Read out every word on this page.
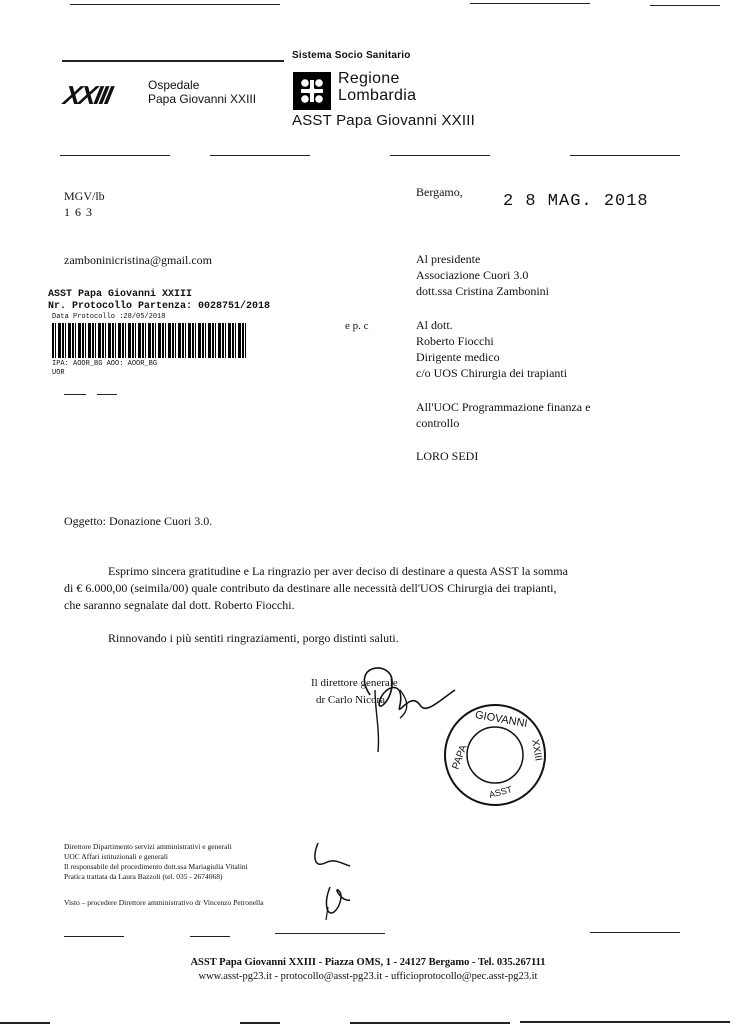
Sistema Socio Sanitario
XXIII	Ospedale
Papa Giovanni XXIII
Regione
Lombardia
ASST Papa Giovanni XXIII
MGV/lb
1 6 3
Bergamo, 2 8 MAG. 2018
zamboninicristina@gmail.com
ASST Papa Giovanni XXIII
Nr. Protocollo Partenza: 0028751/2018
Data Protocollo :28/05/2018
IPA: AOOR_BG AOO: AOOR_BG
UOR
Al presidente
Associazione Cuori 3.0
dott.ssa Cristina Zambonini
e p. c	Al dott.
Roberto Fiocchi
Dirigente medico
c/o UOS Chirurgia dei trapianti
All'UOC Programmazione finanza e
controllo
LORO SEDI
Oggetto: Donazione Cuori 3.0.
Esprimo sincera gratitudine e La ringrazio per aver deciso di destinare a questa ASST la somma
di € 6.000,00 (seimila/00) quale contributo da destinare alle necessità dell'UOS Chirurgia dei trapianti,
che saranno segnalate dal dott. Roberto Fiocchi.
Rinnovando i più sentiti ringraziamenti, porgo distinti saluti.
Il direttore generale
dr Carlo Nicora
GIOVANNI
PAPA	XXIII
ASST
Direttore Dipartimento servizi amministrativi e generali
UOC Affari istituzionali e generali
Il responsabile del procedimento dott.ssa Mariagiulia Vitalini
Pratica trattata da Laura Bazzoli (tel. 035 - 2674068)
Visto – procedere Direttore amministrativo dr Vincenzo Petronella
ASST Papa Giovanni XXIII - Piazza OMS, 1 - 24127 Bergamo - Tel. 035.267111
www.asst-pg23.it - protocollo@asst-pg23.it - ufficioprotocollo@pec.asst-pg23.it
